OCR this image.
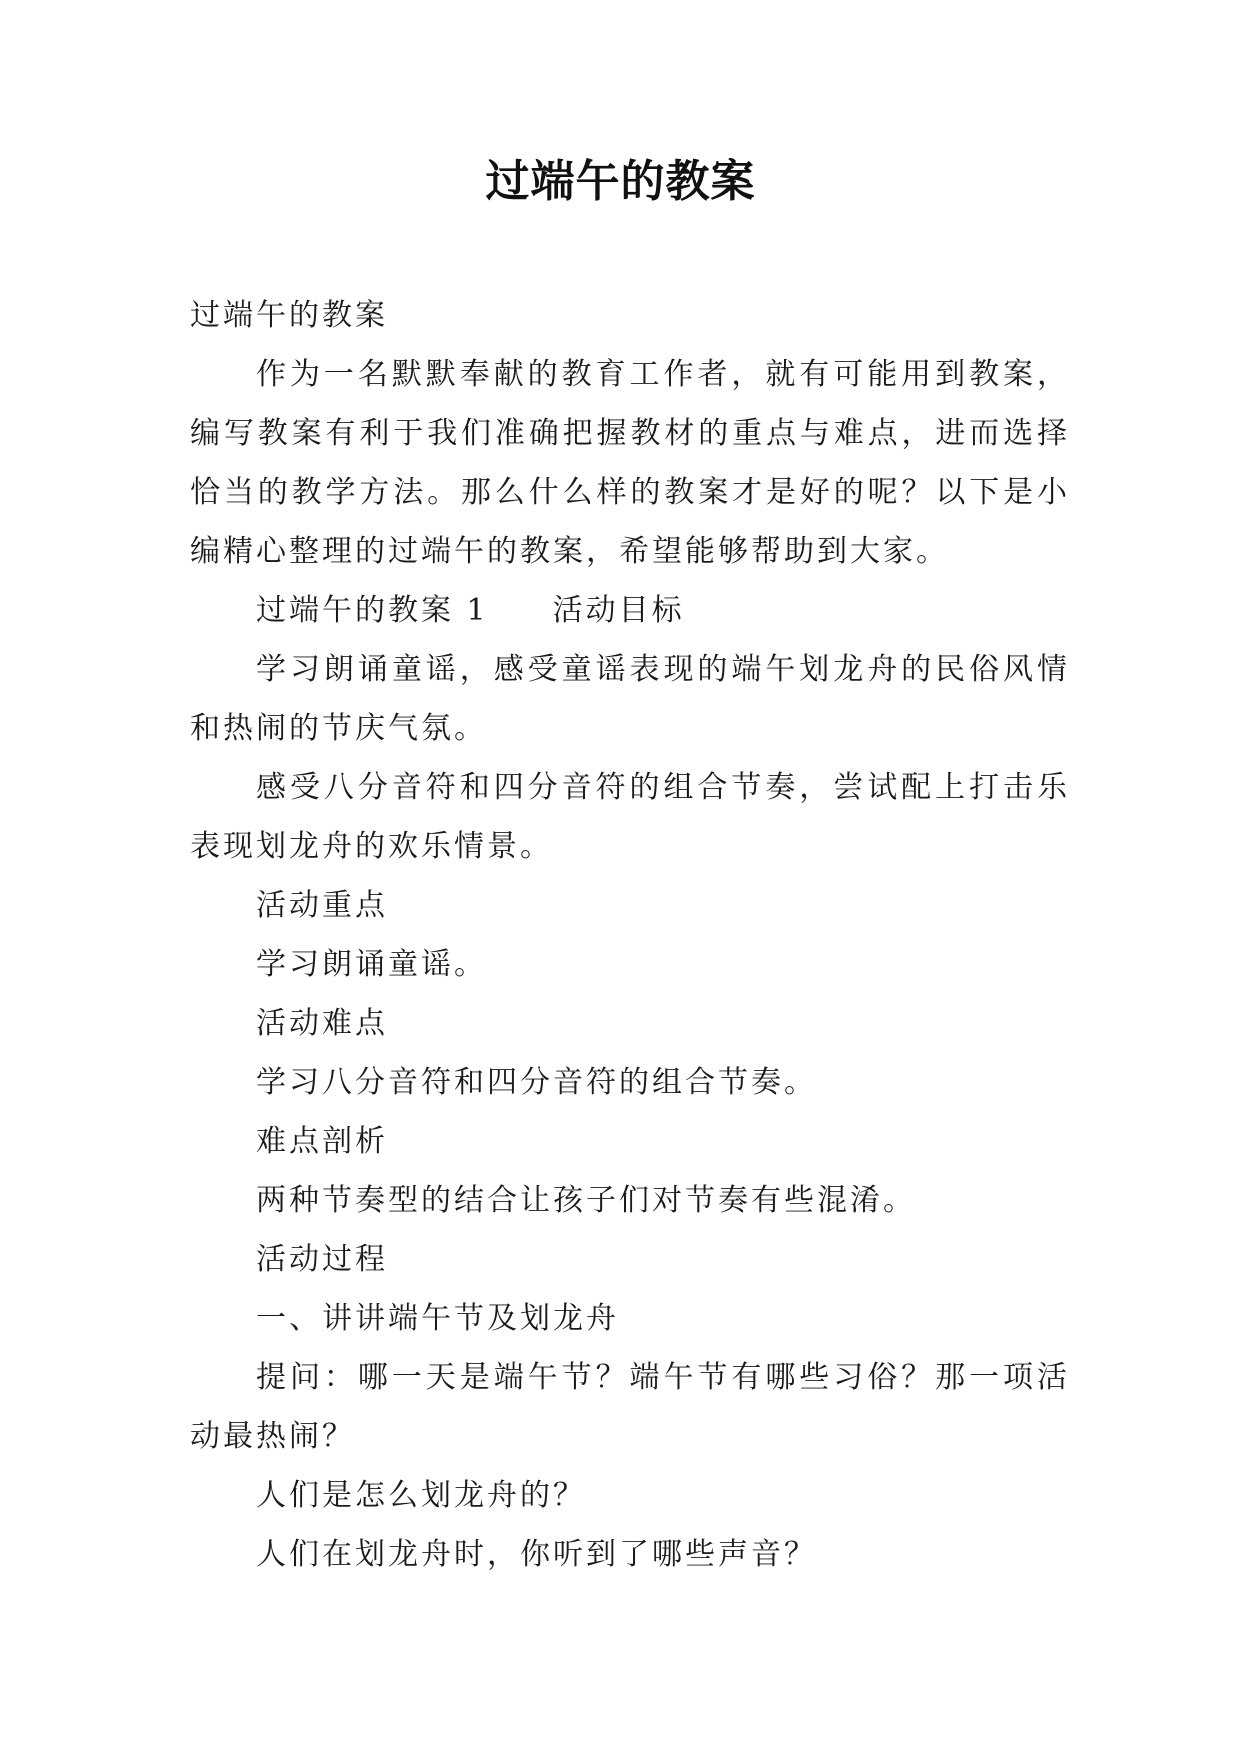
过端午的教案

过端午的教案

作为一名默默奉献的教育工作者，就有可能用到教案，编写教案有利于我们准确把握教材的重点与难点，进而选择恰当的教学方法。那么什么样的教案才是好的呢？以下是小编精心整理的过端午的教案，希望能够帮助到大家。

过端午的教案 1 活动目标

学习朗诵童谣，感受童谣表现的端午划龙舟的民俗风情和热闹的节庆气氛。

感受八分音符和四分音符的组合节奏，尝试配上打击乐表现划龙舟的欢乐情景。

活动重点

学习朗诵童谣。

活动难点

学习八分音符和四分音符的组合节奏。

难点剖析

两种节奏型的结合让孩子们对节奏有些混淆。

活动过程

一、讲讲端午节及划龙舟

提问：哪一天是端午节？端午节有哪些习俗？那一项活动最热闹？

人们是怎么划龙舟的？

人们在划龙舟时，你听到了哪些声音？
